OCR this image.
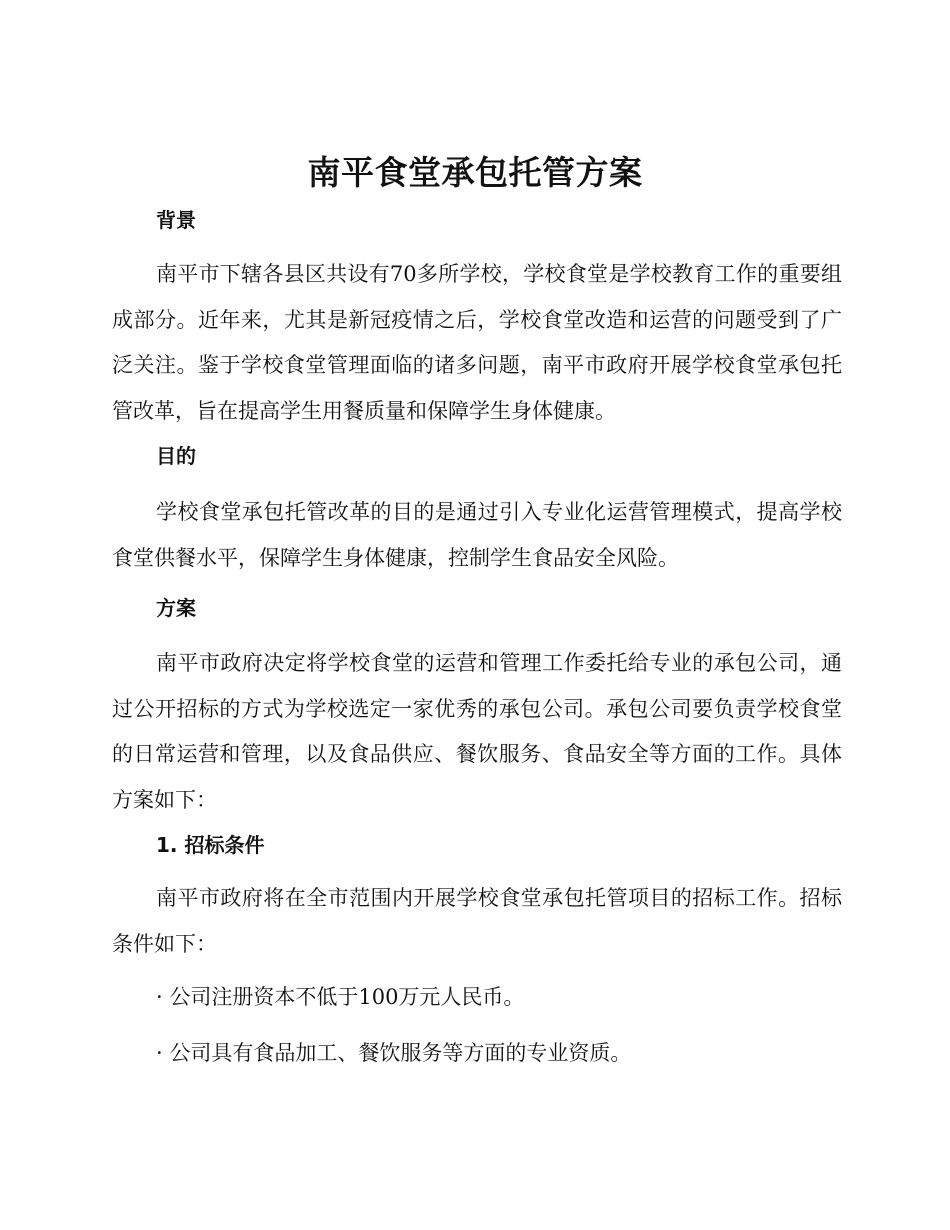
南平食堂承包托管方案
背景

南平市下辖各县区共设有70多所学校，学校食堂是学校教育工作的重要组成部分。近年来，尤其是新冠疫情之后，学校食堂改造和运营的问题受到了广泛关注。鉴于学校食堂管理面临的诸多问题，南平市政府开展学校食堂承包托管改革，旨在提高学生用餐质量和保障学生身体健康。

目的

学校食堂承包托管改革的目的是通过引入专业化运营管理模式，提高学校食堂供餐水平，保障学生身体健康，控制学生食品安全风险。

方案

南平市政府决定将学校食堂的运营和管理工作委托给专业的承包公司，通过公开招标的方式为学校选定一家优秀的承包公司。承包公司要负责学校食堂的日常运营和管理，以及食品供应、餐饮服务、食品安全等方面的工作。具体方案如下：

1. 招标条件

南平市政府将在全市范围内开展学校食堂承包托管项目的招标工作。招标条件如下：

· 公司注册资本不低于100万元人民币。

· 公司具有食品加工、餐饮服务等方面的专业资质。
